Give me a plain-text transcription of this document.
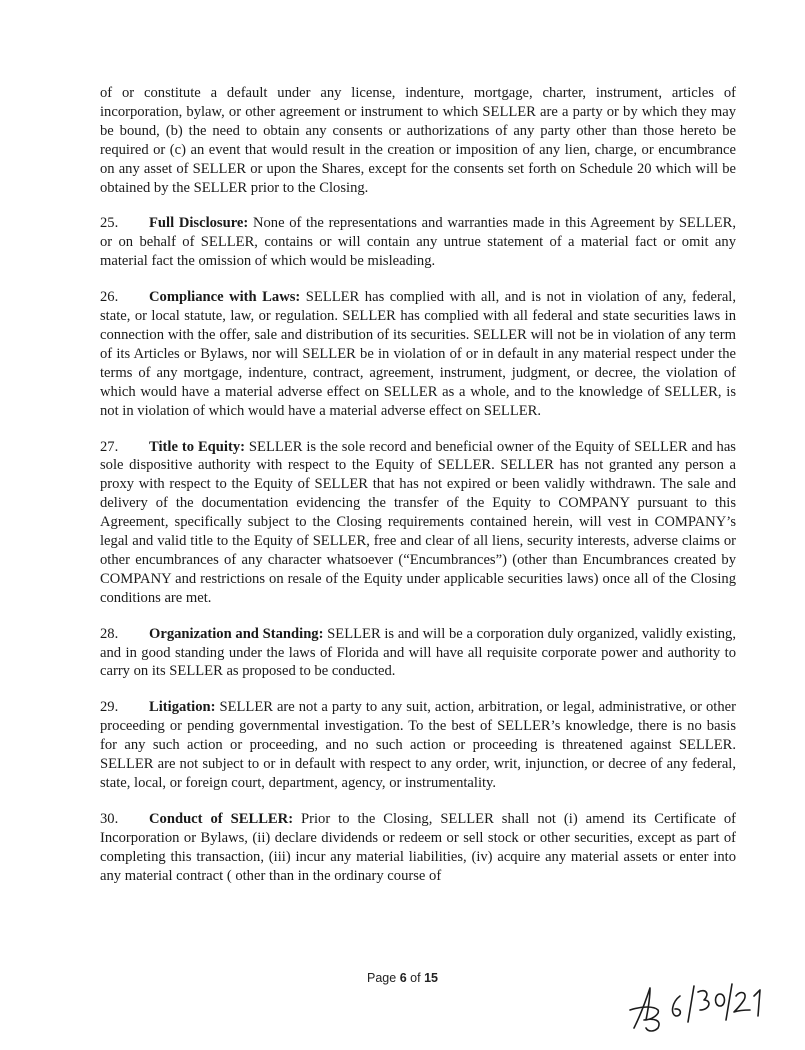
of or constitute a default under any license, indenture, mortgage, charter, instrument, articles of incorporation, bylaw, or other agreement or instrument to which SELLER are a party or by which they may be bound, (b) the need to obtain any consents or authorizations of any party other than those hereto be required or (c) an event that would result in the creation or imposition of any lien, charge, or encumbrance on any asset of SELLER or upon the Shares, except for the consents set forth on Schedule 20 which will be obtained by the SELLER prior to the Closing.

25. Full Disclosure: None of the representations and warranties made in this Agreement by SELLER, or on behalf of SELLER, contains or will contain any untrue statement of a material fact or omit any material fact the omission of which would be misleading.

26. Compliance with Laws: SELLER has complied with all, and is not in violation of any, federal, state, or local statute, law, or regulation. SELLER has complied with all federal and state securities laws in connection with the offer, sale and distribution of its securities. SELLER will not be in violation of any term of its Articles or Bylaws, nor will SELLER be in violation of or in default in any material respect under the terms of any mortgage, indenture, contract, agreement, instrument, judgment, or decree, the violation of which would have a material adverse effect on SELLER as a whole, and to the knowledge of SELLER, is not in violation of which would have a material adverse effect on SELLER.

27. Title to Equity: SELLER is the sole record and beneficial owner of the Equity of SELLER and has sole dispositive authority with respect to the Equity of SELLER. SELLER has not granted any person a proxy with respect to the Equity of SELLER that has not expired or been validly withdrawn. The sale and delivery of the documentation evidencing the transfer of the Equity to COMPANY pursuant to this Agreement, specifically subject to the Closing requirements contained herein, will vest in COMPANY’s legal and valid title to the Equity of SELLER, free and clear of all liens, security interests, adverse claims or other encumbrances of any character whatsoever (“Encumbrances”) (other than Encumbrances created by COMPANY and restrictions on resale of the Equity under applicable securities laws) once all of the Closing conditions are met.

28. Organization and Standing: SELLER is and will be a corporation duly organized, validly existing, and in good standing under the laws of Florida and will have all requisite corporate power and authority to carry on its SELLER as proposed to be conducted.

29. Litigation: SELLER are not a party to any suit, action, arbitration, or legal, administrative, or other proceeding or pending governmental investigation. To the best of SELLER’s knowledge, there is no basis for any such action or proceeding, and no such action or proceeding is threatened against SELLER. SELLER are not subject to or in default with respect to any order, writ, injunction, or decree of any federal, state, local, or foreign court, department, agency, or instrumentality.

30. Conduct of SELLER: Prior to the Closing, SELLER shall not (i) amend its Certificate of Incorporation or Bylaws, (ii) declare dividends or redeem or sell stock or other securities, except as part of completing this transaction, (iii) incur any material liabilities, (iv) acquire any material assets or enter into any material contract ( other than in the ordinary course of

Page 6 of 15
